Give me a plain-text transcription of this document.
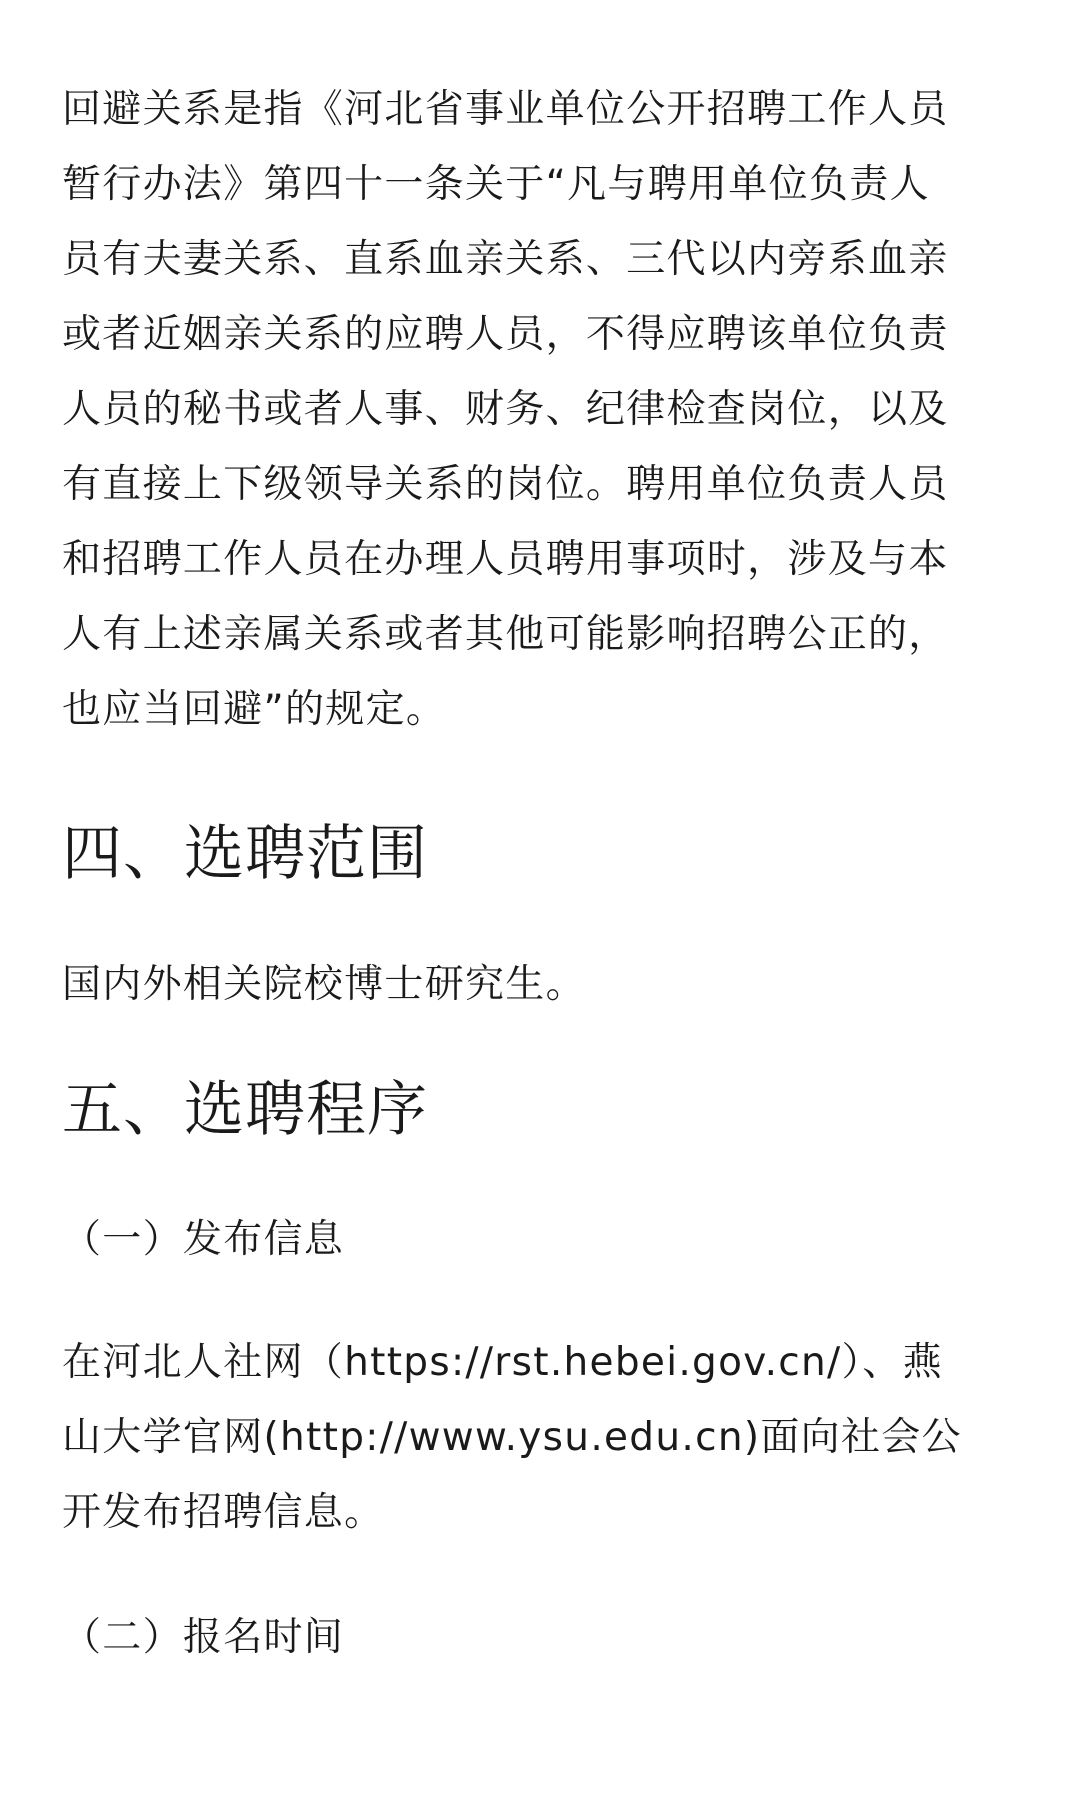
回避关系是指《河北省事业单位公开招聘工作人员
暂行办法》第四十一条关于“凡与聘用单位负责人
员有夫妻关系、直系血亲关系、三代以内旁系血亲
或者近姻亲关系的应聘人员，不得应聘该单位负责
人员的秘书或者人事、财务、纪律检查岗位，以及
有直接上下级领导关系的岗位。聘用单位负责人员
和招聘工作人员在办理人员聘用事项时，涉及与本
人有上述亲属关系或者其他可能影响招聘公正的，
也应当回避”的规定。

四、选聘范围

国内外相关院校博士研究生。

五、选聘程序

（一）发布信息

在河北人社网（https://rst.hebei.gov.cn/）、燕
山大学官网(http://www.ysu.edu.cn)面向社会公
开发布招聘信息。

（二）报名时间
